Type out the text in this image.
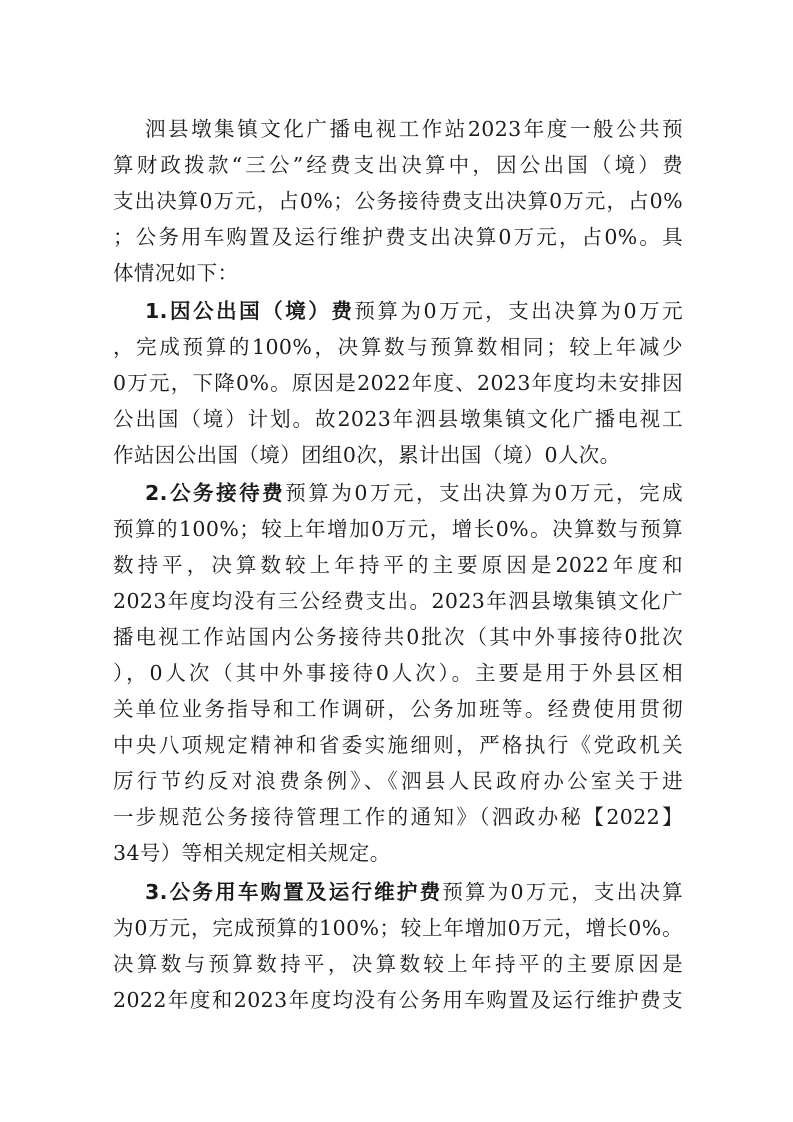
泗县墩集镇文化广播电视工作站2023年度一般公共预
算财政拨款“三公”经费支出决算中，因公出国（境）费
支出决算0万元，占0%；公务接待费支出决算0万元，占0%
；公务用车购置及运行维护费支出决算0万元，占0%。具
体情况如下：
1.因公出国（境）费预算为0万元，支出决算为0万元
，完成预算的100%，决算数与预算数相同；较上年减少
0万元，下降0%。原因是2022年度、2023年度均未安排因
公出国（境）计划。故2023年泗县墩集镇文化广播电视工
作站因公出国（境）团组0次，累计出国（境）0人次。
2.公务接待费预算为0万元，支出决算为0万元，完成
预算的100%；较上年增加0万元，增长0%。决算数与预算
数持平，决算数较上年持平的主要原因是2022年度和
2023年度均没有三公经费支出。2023年泗县墩集镇文化广
播电视工作站国内公务接待共0批次（其中外事接待0批次
），0人次（其中外事接待0人次）。主要是用于外县区相
关单位业务指导和工作调研，公务加班等。经费使用贯彻
中央八项规定精神和省委实施细则，严格执行《党政机关
厉行节约反对浪费条例》、《泗县人民政府办公室关于进
一步规范公务接待管理工作的通知》（泗政办秘【2022】
34号）等相关规定相关规定。
3.公务用车购置及运行维护费预算为0万元，支出决算
为0万元，完成预算的100%；较上年增加0万元，增长0%。
决算数与预算数持平，决算数较上年持平的主要原因是
2022年度和2023年度均没有公务用车购置及运行维护费支
